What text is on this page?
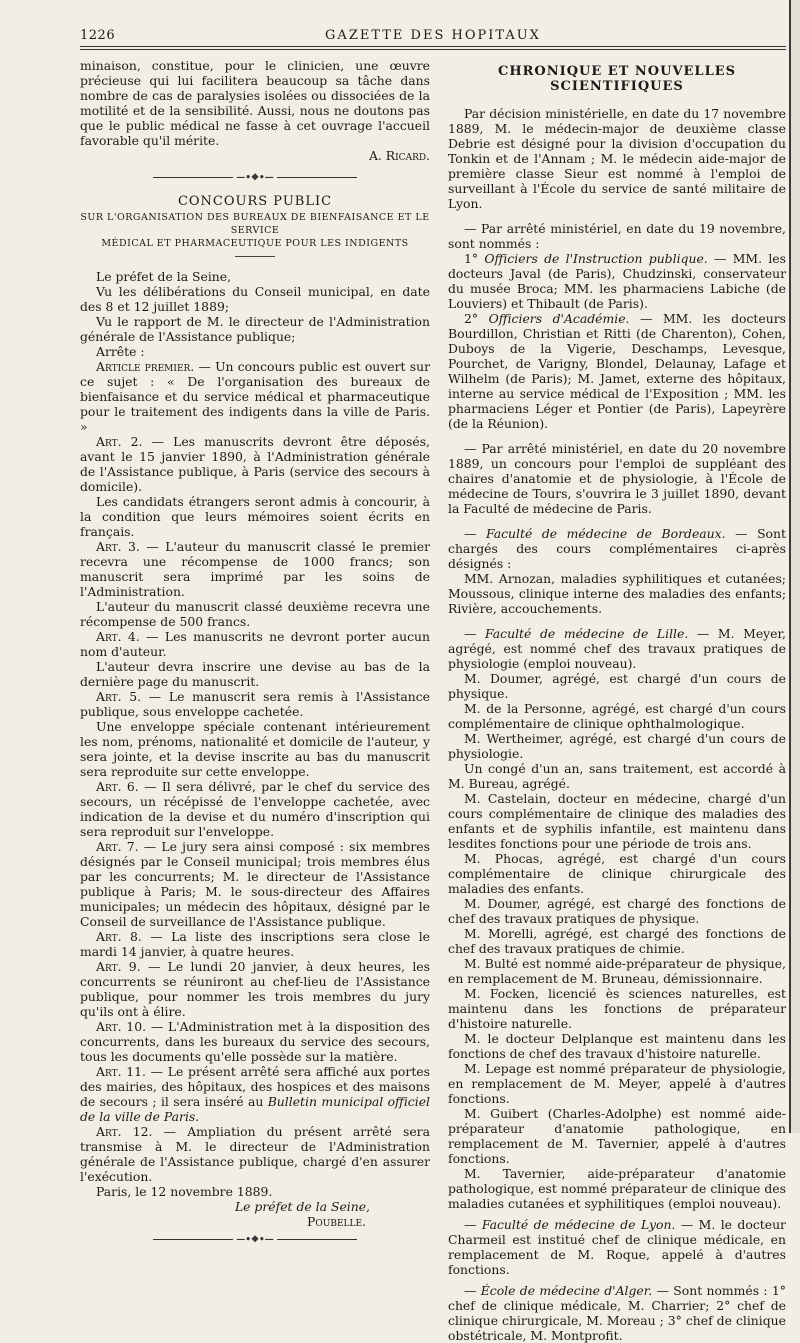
1226	GAZETTE DES HOPITAUX

minaison, constitue, pour le clinicien, une œuvre précieuse qui lui facilitera beaucoup sa tâche dans nombre de cas de paralysies isolées ou dissociées de la motilité et de la sensibilité. Aussi, nous ne doutons pas que le public médical ne fasse à cet ouvrage l'accueil favorable qu'il mérite.

A. Ricard.

—•❖•—
CONCOURS PUBLIC
SUR L'ORGANISATION DES BUREAUX DE BIENFAISANCE ET LE SERVICE
MÉDICAL ET PHARMACEUTIQUE POUR LES INDIGENTS

Le préfet de la Seine,

Vu les délibérations du Conseil municipal, en date des 8 et 12 juillet 1889;

Vu le rapport de M. le directeur de l'Administration générale de l'Assistance publique;

Arrête :

Article premier. — Un concours public est ouvert sur ce sujet : « De l'organisation des bureaux de bienfaisance et du service médical et pharmaceutique pour le traitement des indigents dans la ville de Paris. »

Art. 2. — Les manuscrits devront être déposés, avant le 15 janvier 1890, à l'Administration générale de l'Assistance publique, à Paris (service des secours à domicile).

Les candidats étrangers seront admis à concourir, à la condition que leurs mémoires soient écrits en français.

Art. 3. — L'auteur du manuscrit classé le premier recevra une récompense de 1000 francs; son manuscrit sera imprimé par les soins de l'Administration.

L'auteur du manuscrit classé deuxième recevra une récompense de 500 francs.

Art. 4. — Les manuscrits ne devront porter aucun nom d'auteur.

L'auteur devra inscrire une devise au bas de la dernière page du manuscrit.

Art. 5. — Le manuscrit sera remis à l'Assistance publique, sous enveloppe cachetée.

Une enveloppe spéciale contenant intérieurement les nom, prénoms, nationalité et domicile de l'auteur, y sera jointe, et la devise inscrite au bas du manuscrit sera reproduite sur cette enveloppe.

Art. 6. — Il sera délivré, par le chef du service des secours, un récépissé de l'enveloppe cachetée, avec indication de la devise et du numéro d'inscription qui sera reproduit sur l'enveloppe.

Art. 7. — Le jury sera ainsi composé : six membres désignés par le Conseil municipal; trois membres élus par les concurrents; M. le directeur de l'Assistance publique à Paris; M. le sous-directeur des Affaires municipales; un médecin des hôpitaux, désigné par le Conseil de surveillance de l'Assistance publique.

Art. 8. — La liste des inscriptions sera close le mardi 14 janvier, à quatre heures.

Art. 9. — Le lundi 20 janvier, à deux heures, les concurrents se réuniront au chef-lieu de l'Assistance publique, pour nommer les trois membres du jury qu'ils ont à élire.

Art. 10. — L'Administration met à la disposition des concurrents, dans les bureaux du service des secours, tous les documents qu'elle possède sur la matière.

Art. 11. — Le présent arrêté sera affiché aux portes des mairies, des hôpitaux, des hospices et des maisons de secours ; il sera inséré au Bulletin municipal officiel de la ville de Paris.

Art. 12. — Ampliation du présent arrêté sera transmise à M. le directeur de l'Administration générale de l'Assistance publique, chargé d'en assurer l'exécution.

Paris, le 12 novembre 1889.

Le préfet de la Seine,

Poubelle.

—•❖•—
CHRONIQUE ET NOUVELLES SCIENTIFIQUES

Par décision ministérielle, en date du 17 novembre 1889, M. le médecin-major de deuxième classe Debrie est désigné pour la division d'occupation du Tonkin et de l'Annam ; M. le médecin aide-major de première classe Sieur est nommé à l'emploi de surveillant à l'École du service de santé militaire de Lyon.

— Par arrêté ministériel, en date du 19 novembre, sont nommés :

1° Officiers de l'Instruction publique. — MM. les docteurs Javal (de Paris), Chudzinski, conservateur du musée Broca; MM. les pharmaciens Labiche (de Louviers) et Thibault (de Paris).

2° Officiers d'Académie. — MM. les docteurs Bourdillon, Christian et Ritti (de Charenton), Cohen, Duboys de la Vigerie, Deschamps, Levesque, Pourchet, de Varigny, Blondel, Delaunay, Lafage et Wilhelm (de Paris); M. Jamet, externe des hôpitaux, interne au service médical de l'Exposition ; MM. les pharmaciens Léger et Pontier (de Paris), Lapeyrère (de la Réunion).

— Par arrêté ministériel, en date du 20 novembre 1889, un concours pour l'emploi de suppléant des chaires d'anatomie et de physiologie, à l'École de médecine de Tours, s'ouvrira le 3 juillet 1890, devant la Faculté de médecine de Paris.

— Faculté de médecine de Bordeaux. — Sont chargés des cours complémentaires ci-après désignés :

MM. Arnozan, maladies syphilitiques et cutanées; Moussous, clinique interne des maladies des enfants; Rivière, accouchements.

— Faculté de médecine de Lille. — M. Meyer, agrégé, est nommé chef des travaux pratiques de physiologie (emploi nouveau).

M. Doumer, agrégé, est chargé d'un cours de physique.

M. de la Personne, agrégé, est chargé d'un cours complémentaire de clinique ophthalmologique.

M. Wertheimer, agrégé, est chargé d'un cours de physiologie.

Un congé d'un an, sans traitement, est accordé à M. Bureau, agrégé.

M. Castelain, docteur en médecine, chargé d'un cours complémentaire de clinique des maladies des enfants et de syphilis infantile, est maintenu dans lesdites fonctions pour une période de trois ans.

M. Phocas, agrégé, est chargé d'un cours complémentaire de clinique chirurgicale des maladies des enfants.

M. Doumer, agrégé, est chargé des fonctions de chef des travaux pratiques de physique.

M. Morelli, agrégé, est chargé des fonctions de chef des travaux pratiques de chimie.

M. Bulté est nommé aide-préparateur de physique, en remplacement de M. Bruneau, démissionnaire.

M. Focken, licencié ès sciences naturelles, est maintenu dans les fonctions de préparateur d'histoire naturelle.

M. le docteur Delplanque est maintenu dans les fonctions de chef des travaux d'histoire naturelle.

M. Lepage est nommé préparateur de physiologie, en remplacement de M. Meyer, appelé à d'autres fonctions.

M. Guibert (Charles-Adolphe) est nommé aide-préparateur d'anatomie pathologique, en remplacement de M. Tavernier, appelé à d'autres fonctions.

M. Tavernier, aide-préparateur d'anatomie pathologique, est nommé préparateur de clinique des maladies cutanées et syphilitiques (emploi nouveau).

— Faculté de médecine de Lyon. — M. le docteur Charmeil est institué chef de clinique médicale, en remplacement de M. Roque, appelé à d'autres fonctions.

— École de médecine d'Alger. — Sont nommés : 1° chef de clinique médicale, M. Charrier; 2° chef de clinique chirurgicale, M. Moreau ; 3° chef de clinique obstétricale, M. Montprofit.
